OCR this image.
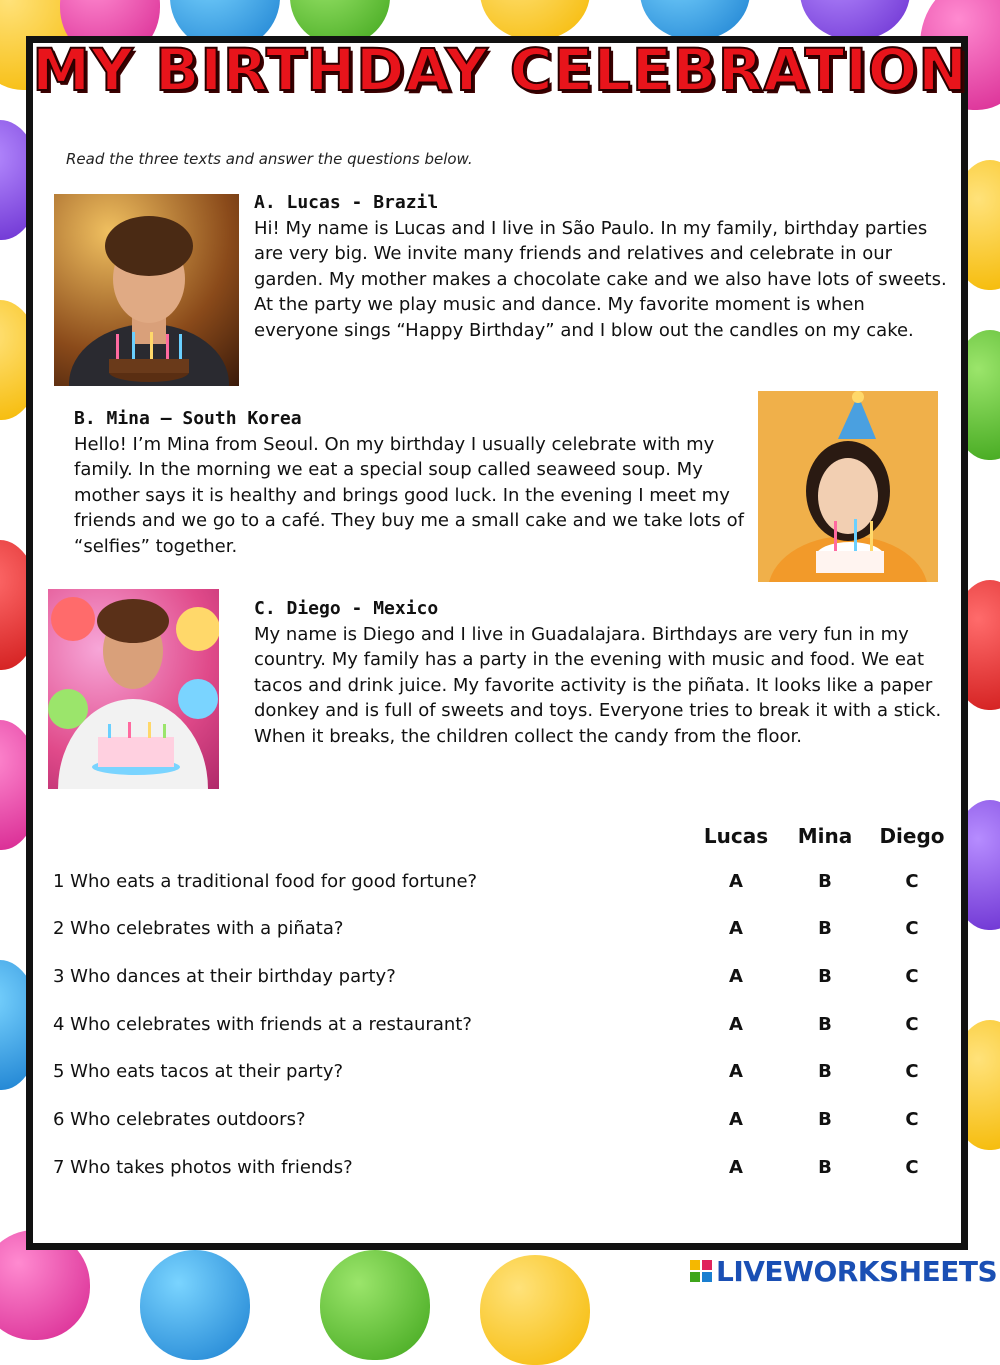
MY BIRTHDAY CELEBRATION
Read the three texts and answer the questions below.
A. Lucas - Brazil
Hi! My name is Lucas and I live in São Paulo. In my family, birthday parties are very big. We invite many friends and relatives and celebrate in our garden. My mother makes a chocolate cake and we also have lots of sweets. At the party we play music and dance. My favorite moment is when everyone sings “Happy Birthday” and I blow out the candles on my cake.
B. Mina – South Korea
Hello! I’m Mina from Seoul. On my birthday I usually celebrate with my family. In the morning we eat a special soup called seaweed soup. My mother says it is healthy and brings good luck. In the evening I meet my friends and we go to a café. They buy me a small cake and we take lots of “selfies” together.
C. Diego - Mexico
My name is Diego and I live in Guadalajara. Birthdays are very fun in my country. My family has a party in the evening with music and food. We eat tacos and drink juice. My favorite activity is the piñata. It looks like a paper donkey and is full of sweets and toys. Everyone tries to break it with a stick. When it breaks, the children collect the candy from the floor.
Lucas	Mina	Diego
1 Who eats a traditional food for good fortune?	A	B	C
2 Who celebrates with a piñata?	A	B	C
3 Who dances at their birthday party?	A	B	C
4 Who celebrates with friends at a restaurant?	A	B	C
5 Who eats tacos at their party?	A	B	C
6 Who celebrates outdoors?	A	B	C
7 Who takes photos with friends?	A	B	C
LIVEWORKSHEETS
